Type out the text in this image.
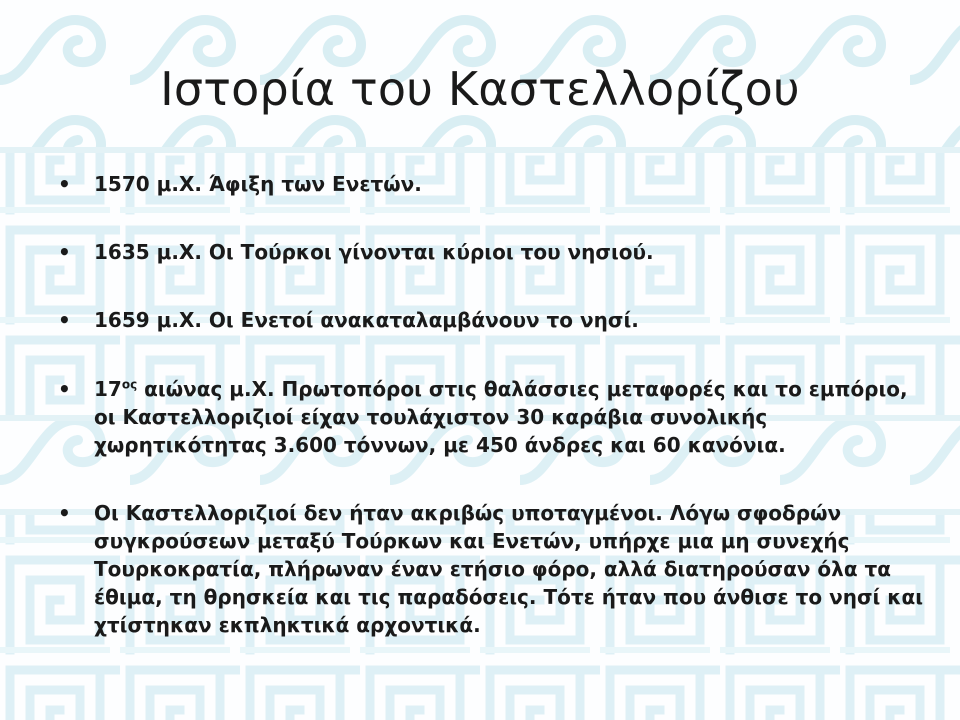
Ιστορία του Καστελλορίζου
• 1570 μ.Χ. Άφιξη των Ενετών.
• 1635 μ.Χ. Οι Τούρκοι γίνονται κύριοι του νησιού.
• 1659 μ.Χ. Οι Ενετοί ανακαταλαμβάνουν το νησί.
• $17^{o\varsigma}$ αιώνας μ.Χ. Πρωτοπόροι στις θαλάσσιες μεταφορές και το εμπόριο, οι Καστελλοριζιοί είχαν τουλάχιστον 30 καράβια συνολικής χωρητικότητας 3.600 τόννων, με 450 άνδρες και 60 κανόνια.
• Οι Καστελλοριζιοί δεν ήταν ακριβώς υποταγμένοι. Λόγω σφοδρών συγκρούσεων μεταξύ Τούρκων και Ενετών, υπήρχε μια μη συνεχής Τουρκοκρατία, πλήρωναν έναν ετήσιο φόρο, αλλά διατηρούσαν όλα τα έθιμα, τη θρησκεία και τις παραδόσεις. Τότε ήταν που άνθισε το νησί και χτίστηκαν εκπληκτικά αρχοντικά.
